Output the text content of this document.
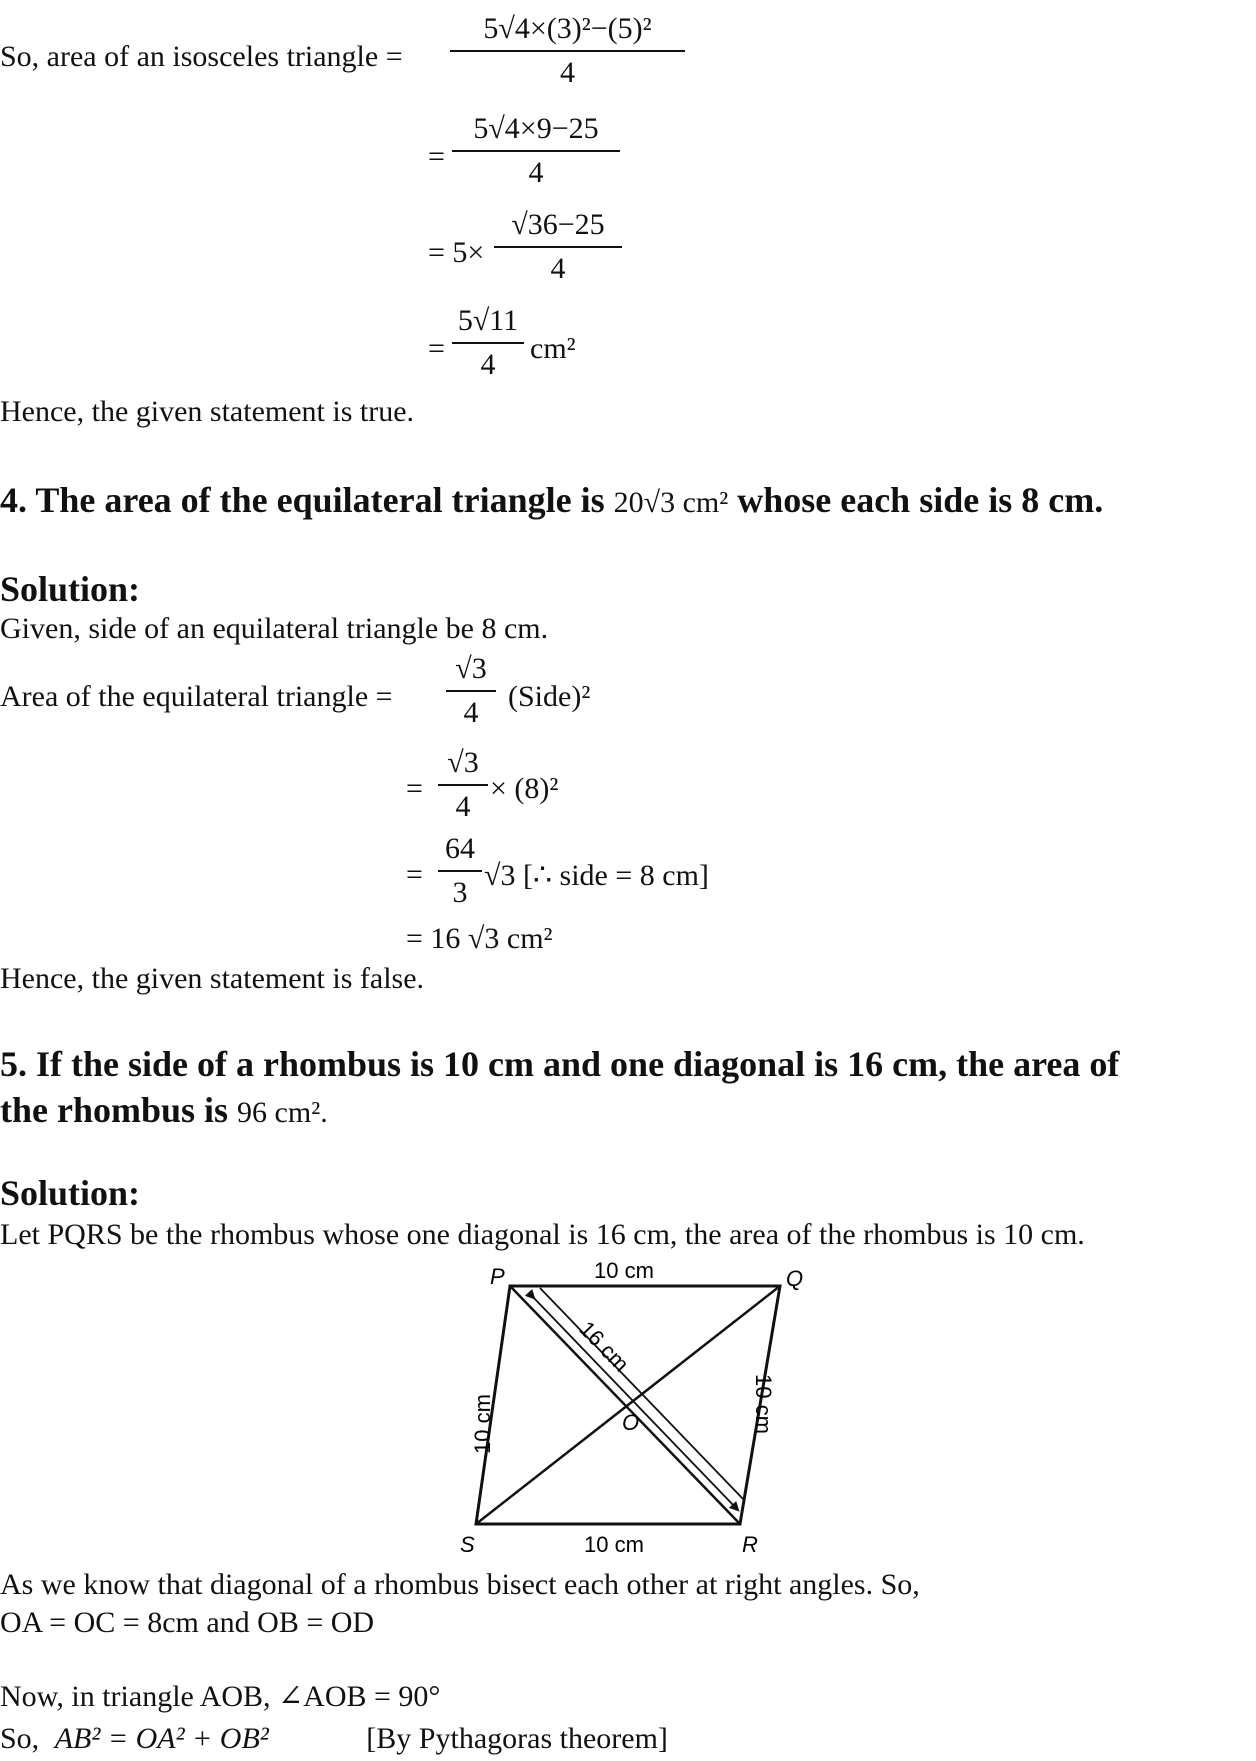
So, area of an isosceles triangle =
5√4×(3)²−(5)²
4
=
5√4×9−25
4
= 5×
√36−25
4
=
5√11
4	cm²
Hence, the given statement is true.
4. The area of the equilateral triangle is 20√3 cm² whose each side is 8 cm.
Solution:
Given, side of an equilateral triangle be 8 cm.
Area of the equilateral triangle =
√3
4 (Side)²
=
√3
4
× (8)²
=
64
3
√3 [∴ side = 8 cm]
= 16 √3 cm²
Hence, the given statement is false.
5. If the side of a rhombus is 10 cm and one diagonal is 16 cm, the area of
the rhombus is 96 cm².
Solution:
Let PQRS be the rhombus whose one diagonal is 16 cm, the area of the rhombus is 10 cm.
P	Q
R
S
O
10 cm
10 cm
10 cm	10 cm
16 cm
As we know that diagonal of a rhombus bisect each other at right angles. So,
OA = OC = 8cm and OB = OD
Now, in triangle AOB, ∠AOB = 90°
So, AB² = OA² + OB²	[By Pythagoras theorem]
